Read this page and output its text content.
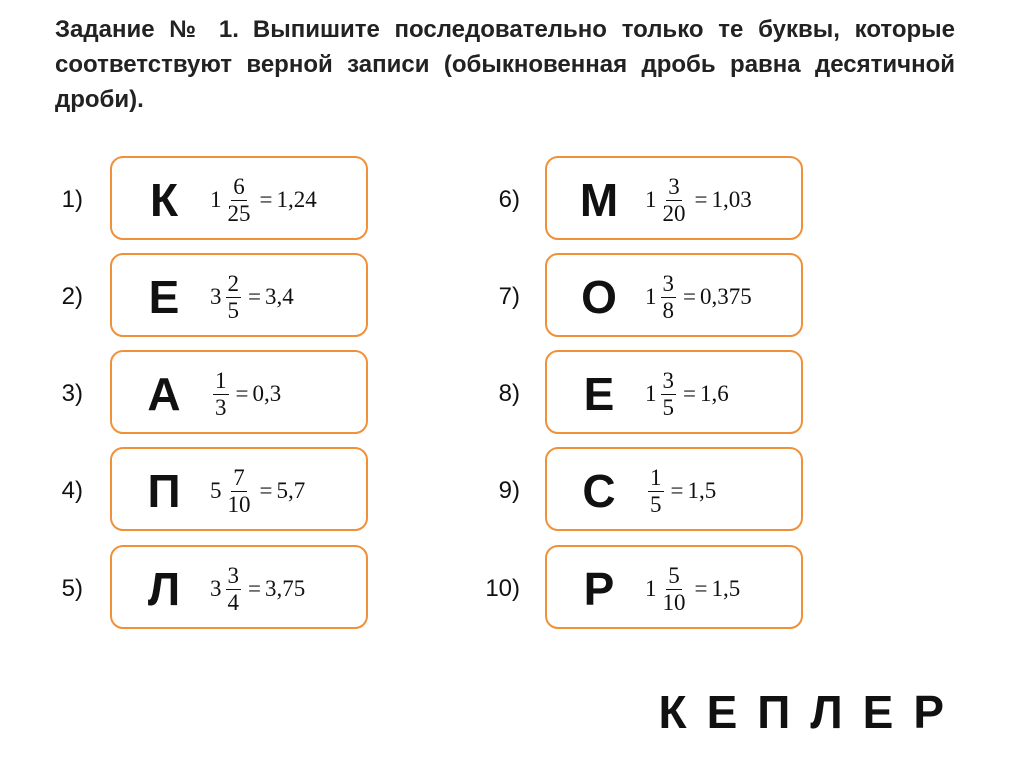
Задание № 1. Выпишите последовательно только те буквы, которые соответствуют верной записи (обыкновенная дробь равна десятичной дроби).

1)	К	$1 \frac{6}{25} = 1,24$
2)	Е	$3 \frac{2}{5} = 3,4$
3) А	$\frac{1}{3} = 0,3$
4) П	$5 \frac{7}{10} = 5,7$
5)	Л	$3 \frac{3}{4} = 3,75$
6) М	$1 \frac{3}{20} = 1,03$
7) О	$1 \frac{3}{8} = 0,375$
8)	Е	$1 \frac{3}{5} = 1,6$
9) С	$\frac{1}{5} = 1,5$
10)	Р	$1 \frac{5}{10} = 1,5$
КЕПЛЕР
